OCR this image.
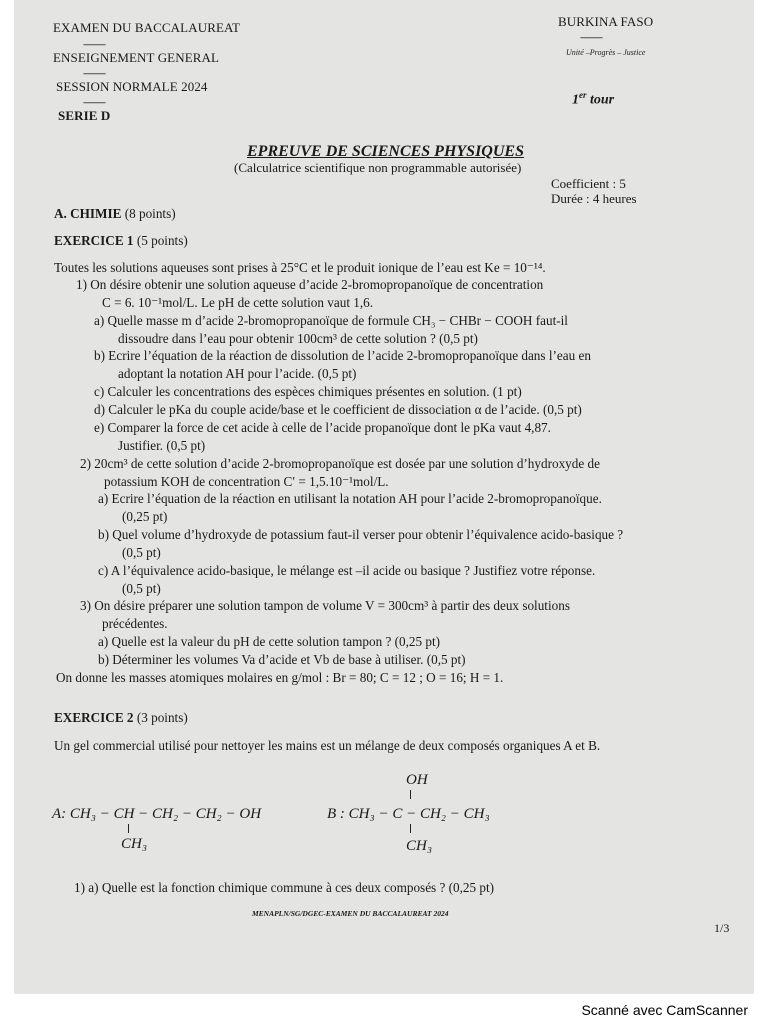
EXAMEN DU BACCALAUREAT
-----------
ENSEIGNEMENT GENERAL
-----------
SESSION NORMALE 2024
-----------
SERIE D
BURKINA FASO
-----------
Unité –Progrès – Justice
1er tour
EPREUVE DE SCIENCES PHYSIQUES
(Calculatrice scientifique non programmable autorisée)
Coefficient : 5
Durée : 4 heures
A. CHIMIE (8 points)
EXERCICE 1 (5 points)
Toutes les solutions aqueuses sont prises à 25°C et le produit ionique de l’eau est Ke = 10⁻¹⁴.
1) On désire obtenir une solution aqueuse d’acide 2-bromopropanoïque de concentration
C = 6. 10⁻¹mol/L. Le pH de cette solution vaut 1,6.
a) Quelle masse m d’acide 2-bromopropanoïque de formule CH₃ − CHBr − COOH faut-il
dissoudre dans l’eau pour obtenir 100cm³ de cette solution ? (0,5 pt)
b) Ecrire l’équation de la réaction de dissolution de l’acide 2-bromopropanoïque dans l’eau en
adoptant la notation AH pour l’acide. (0,5 pt)
c) Calculer les concentrations des espèces chimiques présentes en solution. (1 pt)
d) Calculer le pKa du couple acide/base et le coefficient de dissociation α de l’acide. (0,5 pt)
e) Comparer la force de cet acide à celle de l’acide propanoïque dont le pKa vaut 4,87.
Justifier. (0,5 pt)
2) 20cm³ de cette solution d’acide 2-bromopropanoïque est dosée par une solution d’hydroxyde de
potassium KOH de concentration C′ = 1,5.10⁻¹mol/L.
a) Ecrire l’équation de la réaction en utilisant la notation AH pour l’acide 2-bromopropanoïque.
(0,25 pt)
b) Quel volume d’hydroxyde de potassium faut-il verser pour obtenir l’équivalence acido-basique ?
(0,5 pt)
c) A l’équivalence acido-basique, le mélange est –il acide ou basique ? Justifiez votre réponse.
(0,5 pt)
3) On désire préparer une solution tampon de volume V = 300cm³ à partir des deux solutions
précédentes.
a) Quelle est la valeur du pH de cette solution tampon ? (0,25 pt)
b) Déterminer les volumes Va d’acide et Vb de base à utiliser. (0,5 pt)
On donne les masses atomiques molaires en g/mol : Br = 80; C = 12 ; O = 16; H = 1.
EXERCICE 2 (3 points)
Un gel commercial utilisé pour nettoyer les mains est un mélange de deux composés organiques A et B.
A: CH₃ − CH − CH₂ − CH₂ − OH
CH₃
OH
B : CH₃ − C − CH₂ − CH₃
CH₃
1) a) Quelle est la fonction chimique commune à ces deux composés ? (0,25 pt)
MENAPLN/SG/DGEC-EXAMEN DU BACCALAUREAT 2024
1/3
Scanné avec CamScanner
